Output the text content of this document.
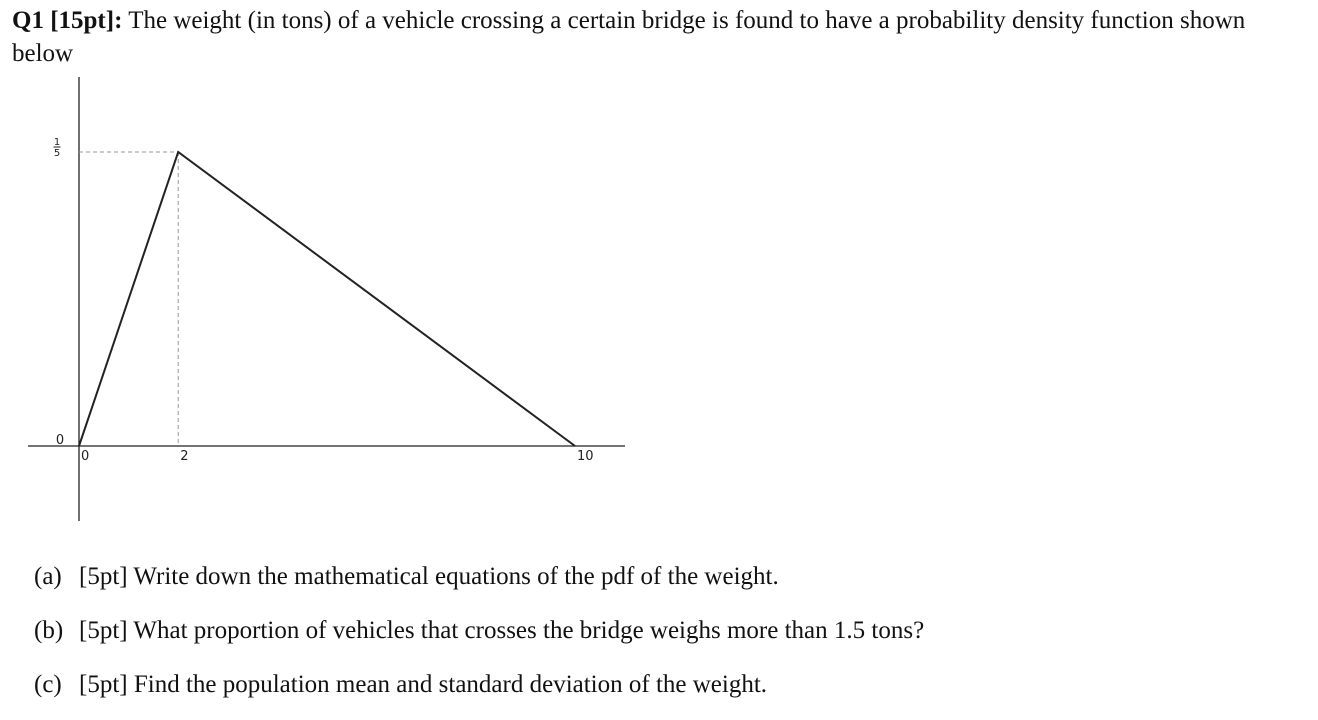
Q1 [15pt]: The weight (in tons) of a vehicle crossing a certain bridge is found to have a probability density function shown below
0	2	10
0
1
5
(a) [5pt] Write down the mathematical equations of the pdf of the weight.
(b) [5pt] What proportion of vehicles that crosses the bridge weighs more than 1.5 tons?
(c) [5pt] Find the population mean and standard deviation of the weight.
